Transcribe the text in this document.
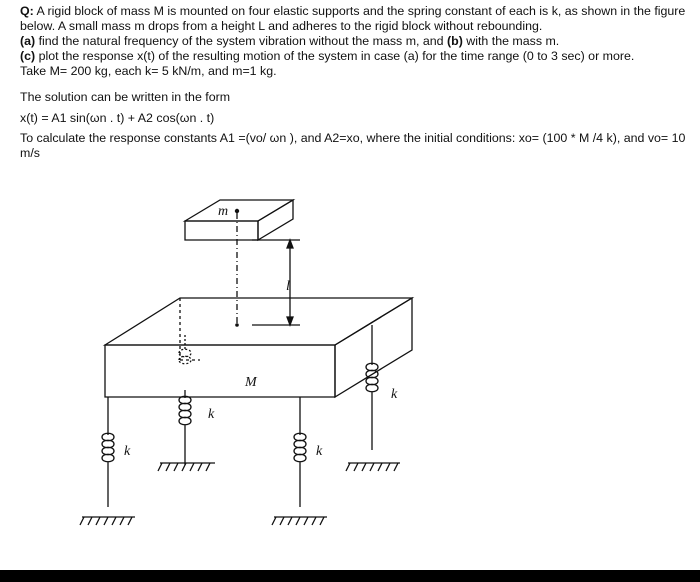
Q: A rigid block of mass M is mounted on four elastic supports and the spring constant of each is k, as shown in the figure below. A small mass m drops from a height L and adheres to the rigid block without rebounding.

(a) find the natural frequency of the system vibration without the mass m, and (b) with the mass m.

(c) plot the response x(t) of the resulting motion of the system in case (a) for the time range (0 to 3 sec) or more.

Take M= 200 kg, each k= 5 kN/m, and m=1 kg.

The solution can be written in the form
x(t) = A1 sin(ωn . t) + A2 cos(ωn . t)
To calculate the response constants A1 =(vo/ ωn ), and A2=xo, where the initial conditions: xo= (100 * M /4 k), and vo= 10 m/s
m
l
M
k
k
k	k
